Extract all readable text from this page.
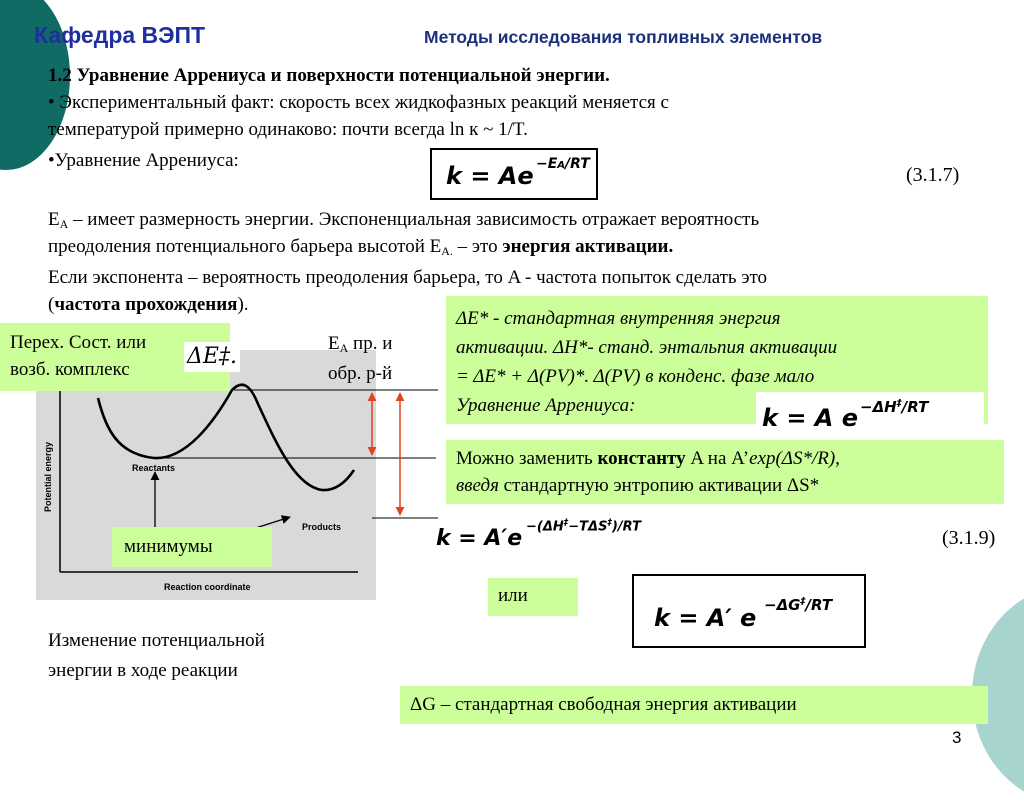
Кафедра ВЭПТ	Методы исследования топливных элементов
1.2 Уравнение Аррениуса и поверхности потенциальной энергии.
• Экспериментальный факт: скорость всех жидкофазных реакций меняется с
температурой примерно одинаково: почти всегда ln к ~ 1/T.
•Уравнение Аррениуса:
k = Ae −EA/RT	(3.1.7)
$E_A$ – имеет размерность энергии. Экспоненциальная зависимость отражает вероятность
преодоления потенциального барьера высотой $E_{A.}$ – это энергия активации.
Если экспонента – вероятность преодоления барьера, то A - частота попыток сделать это
(частота прохождения).
Potential energy
Reaction coordinate
Reactants
Products
Перех. Сост. или
возб. комплекс
ΔE‡.
$E_A$ пр. и
обр. р-й
минимумы
Изменение потенциальной
энергии в ходе реакции
ΔE* - стандартная внутренняя энергия
активации. ΔH*- станд. энтальпия активации
= ΔE* + Δ(PV)*. Δ(PV) в конденс. фазе мало
Уравнение Аррениуса:	k = A e −ΔH‡/RT
Можно заменить константу A на A’exp(ΔS*/R),
введя стандартную энтропию активации ΔS*
k = A′e −(ΔH‡−TΔS‡)/RT
(3.1.9)
или
k = A′ e −ΔG‡/RT
ΔG – стандартная свободная энергия активации
3
